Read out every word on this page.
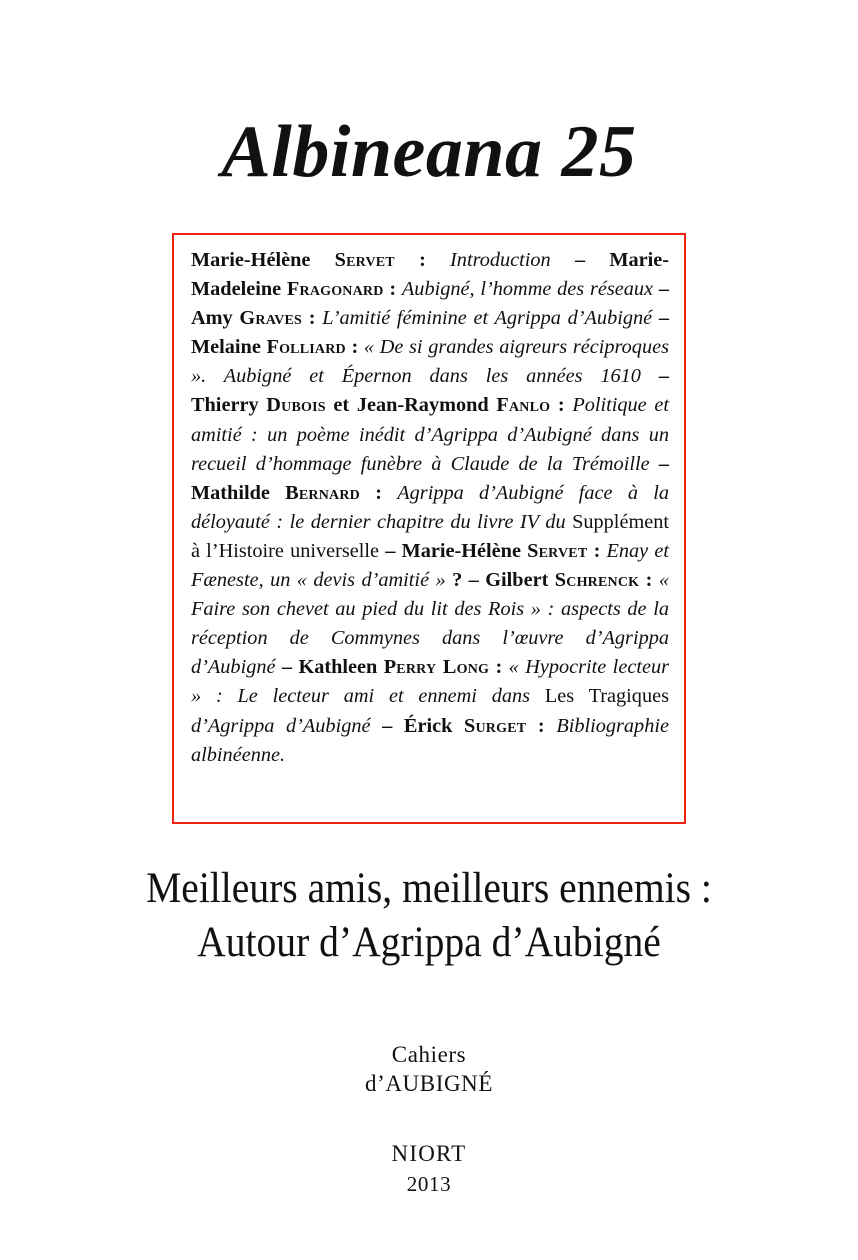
Albineana 25
Marie-Hélène Servet : Introduction – Marie-Madeleine Fragonard : Aubigné, l’homme des réseaux – Amy Graves : L’amitié féminine et Agrippa d’Aubigné – Melaine Folliard : « De si grandes aigreurs réciproques ». Aubigné et Épernon dans les années 1610 – Thierry Dubois et Jean-Raymond Fanlo : Politique et amitié : un poème inédit d’Agrippa d’Aubigné dans un recueil d’hommage funèbre à Claude de la Trémoille – Mathilde Bernard : Agrippa d’Aubigné face à la déloyauté : le dernier chapitre du livre IV du Supplément à l’Histoire universelle – Marie-Hélène Servet : Enay et Fæneste, un « devis d’amitié » ? – Gilbert Schrenck : « Faire son chevet au pied du lit des Rois » : aspects de la réception de Commynes dans l’œuvre d’Agrippa d’Aubigné – Kathleen Perry Long : « Hypocrite lecteur » : Le lecteur ami et ennemi dans Les Tragiques d’Agrippa d’Aubigné – Érick Surget : Bibliographie albinéenne.
Meilleurs amis, meilleurs ennemis :
Autour d’Agrippa d’Aubigné
Cahiers
d’AUBIGNÉ
NIORT
2013
